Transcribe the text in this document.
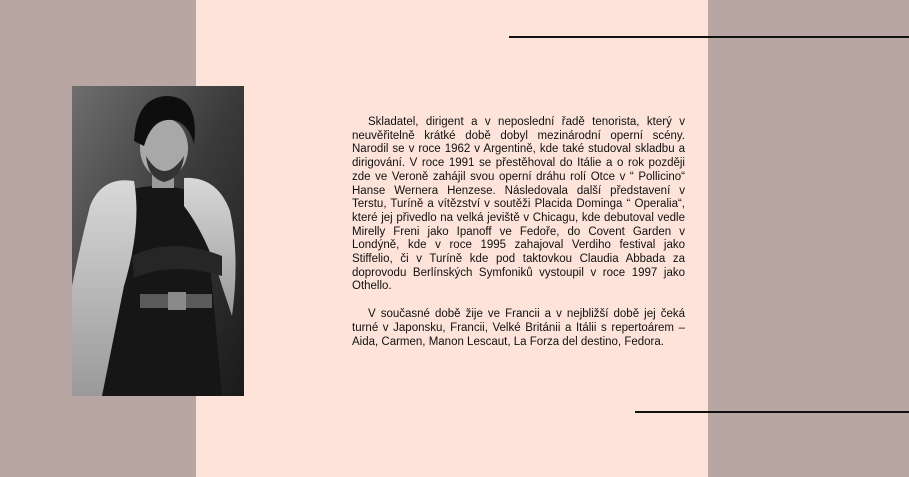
Skladatel, dirigent a v neposlední řadě tenorista, který v neuvěřitelně krátké době dobyl mezinárodní operní scény. Narodil se v roce 1962 v Argentině, kde také studoval skladbu a dirigování. V roce 1991 se přestěhoval do Itálie a o rok později zde ve Veroně zahájil svou operní dráhu rolí Otce v “ Pollicino“ Hanse Wernera Henzese. Následovala další představení v Terstu, Turíně a vítězství v soutěži Placida Dominga “ Operalia“, které jej přivedlo na velká jeviště v Chicagu, kde debutoval vedle Mirelly Freni jako Ipanoff ve Fedoře, do Covent Garden v Londýně, kde v roce 1995 zahajoval Verdiho festival jako Stiffelio, či v Turíně kde pod taktovkou Claudia Abbada za doprovodu Berlínských Symfoniků vystoupil v roce 1997 jako Othello.

V současné době žije ve Francii a v nejbližší době jej čeká turné v Japonsku, Francii, Velké Británii a Itálii s repertoárem – Aida, Carmen, Manon Lescaut, La Forza del destino, Fedora.
